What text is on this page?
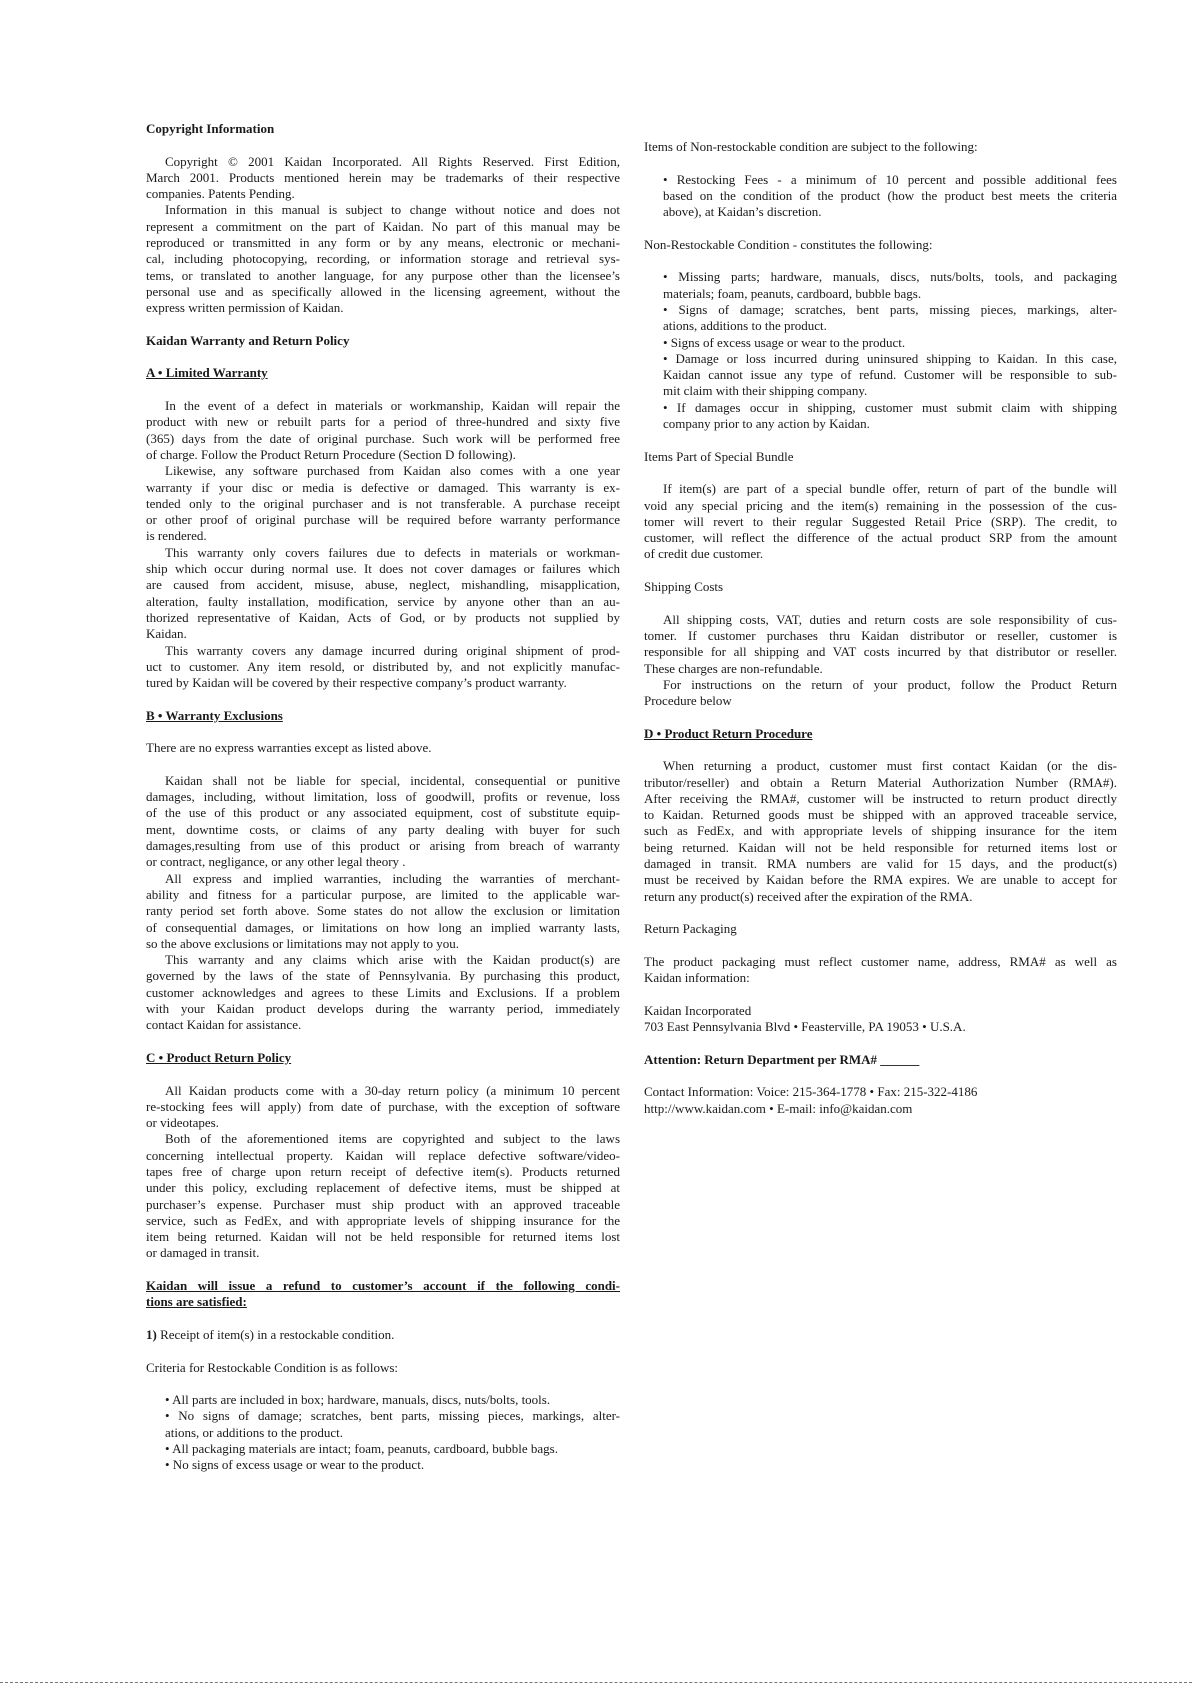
Copyright Information
Copyright © 2001 Kaidan Incorporated. All Rights Reserved. First Edition,
March 2001. Products mentioned herein may be trademarks of their respective
companies. Patents Pending.
Information in this manual is subject to change without notice and does not
represent a commitment on the part of Kaidan. No part of this manual may be
reproduced or transmitted in any form or by any means, electronic or mechani-
cal, including photocopying, recording, or information storage and retrieval sys-
tems, or translated to another language, for any purpose other than the licensee’s
personal use and as specifically allowed in the licensing agreement, without the
express written permission of Kaidan.
Kaidan Warranty and Return Policy
A • Limited Warranty
In the event of a defect in materials or workmanship, Kaidan will repair the
product with new or rebuilt parts for a period of three-hundred and sixty five
(365) days from the date of original purchase. Such work will be performed free
of charge. Follow the Product Return Procedure (Section D following).
Likewise, any software purchased from Kaidan also comes with a one year
warranty if your disc or media is defective or damaged. This warranty is ex-
tended only to the original purchaser and is not transferable. A purchase receipt
or other proof of original purchase will be required before warranty performance
is rendered.
This warranty only covers failures due to defects in materials or workman-
ship which occur during normal use. It does not cover damages or failures which
are caused from accident, misuse, abuse, neglect, mishandling, misapplication,
alteration, faulty installation, modification, service by anyone other than an au-
thorized representative of Kaidan, Acts of God, or by products not supplied by
Kaidan.
This warranty covers any damage incurred during original shipment of prod-
uct to customer. Any item resold, or distributed by, and not explicitly manufac-
tured by Kaidan will be covered by their respective company’s product warranty.
B • Warranty Exclusions
There are no express warranties except as listed above.
Kaidan shall not be liable for special, incidental, consequential or punitive
damages, including, without limitation, loss of goodwill, profits or revenue, loss
of the use of this product or any associated equipment, cost of substitute equip-
ment, downtime costs, or claims of any party dealing with buyer for such
damages,resulting from use of this product or arising from breach of warranty
or contract, negligance, or any other legal theory .
All express and implied warranties, including the warranties of merchant-
ability and fitness for a particular purpose, are limited to the applicable war-
ranty period set forth above. Some states do not allow the exclusion or limitation
of consequential damages, or limitations on how long an implied warranty lasts,
so the above exclusions or limitations may not apply to you.
This warranty and any claims which arise with the Kaidan product(s) are
governed by the laws of the state of Pennsylvania. By purchasing this product,
customer acknowledges and agrees to these Limits and Exclusions. If a problem
with your Kaidan product develops during the warranty period, immediately
contact Kaidan for assistance.
C • Product Return Policy
All Kaidan products come with a 30-day return policy (a minimum 10 percent
re-stocking fees will apply) from date of purchase, with the exception of software
or videotapes.
Both of the aforementioned items are copyrighted and subject to the laws
concerning intellectual property. Kaidan will replace defective software/video-
tapes free of charge upon return receipt of defective item(s). Products returned
under this policy, excluding replacement of defective items, must be shipped at
purchaser’s expense. Purchaser must ship product with an approved traceable
service, such as FedEx, and with appropriate levels of shipping insurance for the
item being returned. Kaidan will not be held responsible for returned items lost
or damaged in transit.
Kaidan will issue a refund to customer’s account if the following condi-
tions are satisfied:
1) Receipt of item(s) in a restockable condition.
Criteria for Restockable Condition is as follows:
• All parts are included in box; hardware, manuals, discs, nuts/bolts, tools.
• No signs of damage; scratches, bent parts, missing pieces, markings, alter-
ations, or additions to the product.
• All packaging materials are intact; foam, peanuts, cardboard, bubble bags.
• No signs of excess usage or wear to the product.
Items of Non-restockable condition are subject to the following:
• Restocking Fees - a minimum of 10 percent and possible additional fees
based on the condition of the product (how the product best meets the criteria
above), at Kaidan’s discretion.
Non-Restockable Condition - constitutes the following:
• Missing parts; hardware, manuals, discs, nuts/bolts, tools, and packaging
materials; foam, peanuts, cardboard, bubble bags.
• Signs of damage; scratches, bent parts, missing pieces, markings, alter-
ations, additions to the product.
• Signs of excess usage or wear to the product.
• Damage or loss incurred during uninsured shipping to Kaidan. In this case,
Kaidan cannot issue any type of refund. Customer will be responsible to sub-
mit claim with their shipping company.
• If damages occur in shipping, customer must submit claim with shipping
company prior to any action by Kaidan.
Items Part of Special Bundle
If item(s) are part of a special bundle offer, return of part of the bundle will
void any special pricing and the item(s) remaining in the possession of the cus-
tomer will revert to their regular Suggested Retail Price (SRP). The credit, to
customer, will reflect the difference of the actual product SRP from the amount
of credit due customer.
Shipping Costs
All shipping costs, VAT, duties and return costs are sole responsibility of cus-
tomer. If customer purchases thru Kaidan distributor or reseller, customer is
responsible for all shipping and VAT costs incurred by that distributor or reseller.
These charges are non-refundable.
For instructions on the return of your product, follow the Product Return
Procedure below
D • Product Return Procedure
When returning a product, customer must first contact Kaidan (or the dis-
tributor/reseller) and obtain a Return Material Authorization Number (RMA#).
After receiving the RMA#, customer will be instructed to return product directly
to Kaidan. Returned goods must be shipped with an approved traceable service,
such as FedEx, and with appropriate levels of shipping insurance for the item
being returned. Kaidan will not be held responsible for returned items lost or
damaged in transit. RMA numbers are valid for 15 days, and the product(s)
must be received by Kaidan before the RMA expires. We are unable to accept for
return any product(s) received after the expiration of the RMA.
Return Packaging
The product packaging must reflect customer name, address, RMA# as well as
Kaidan information:
Kaidan Incorporated
703 East Pennsylvania Blvd • Feasterville, PA 19053 • U.S.A.
Attention: Return Department per RMA# ______
Contact Information: Voice: 215-364-1778 • Fax: 215-322-4186
http://www.kaidan.com • E-mail: info@kaidan.com
